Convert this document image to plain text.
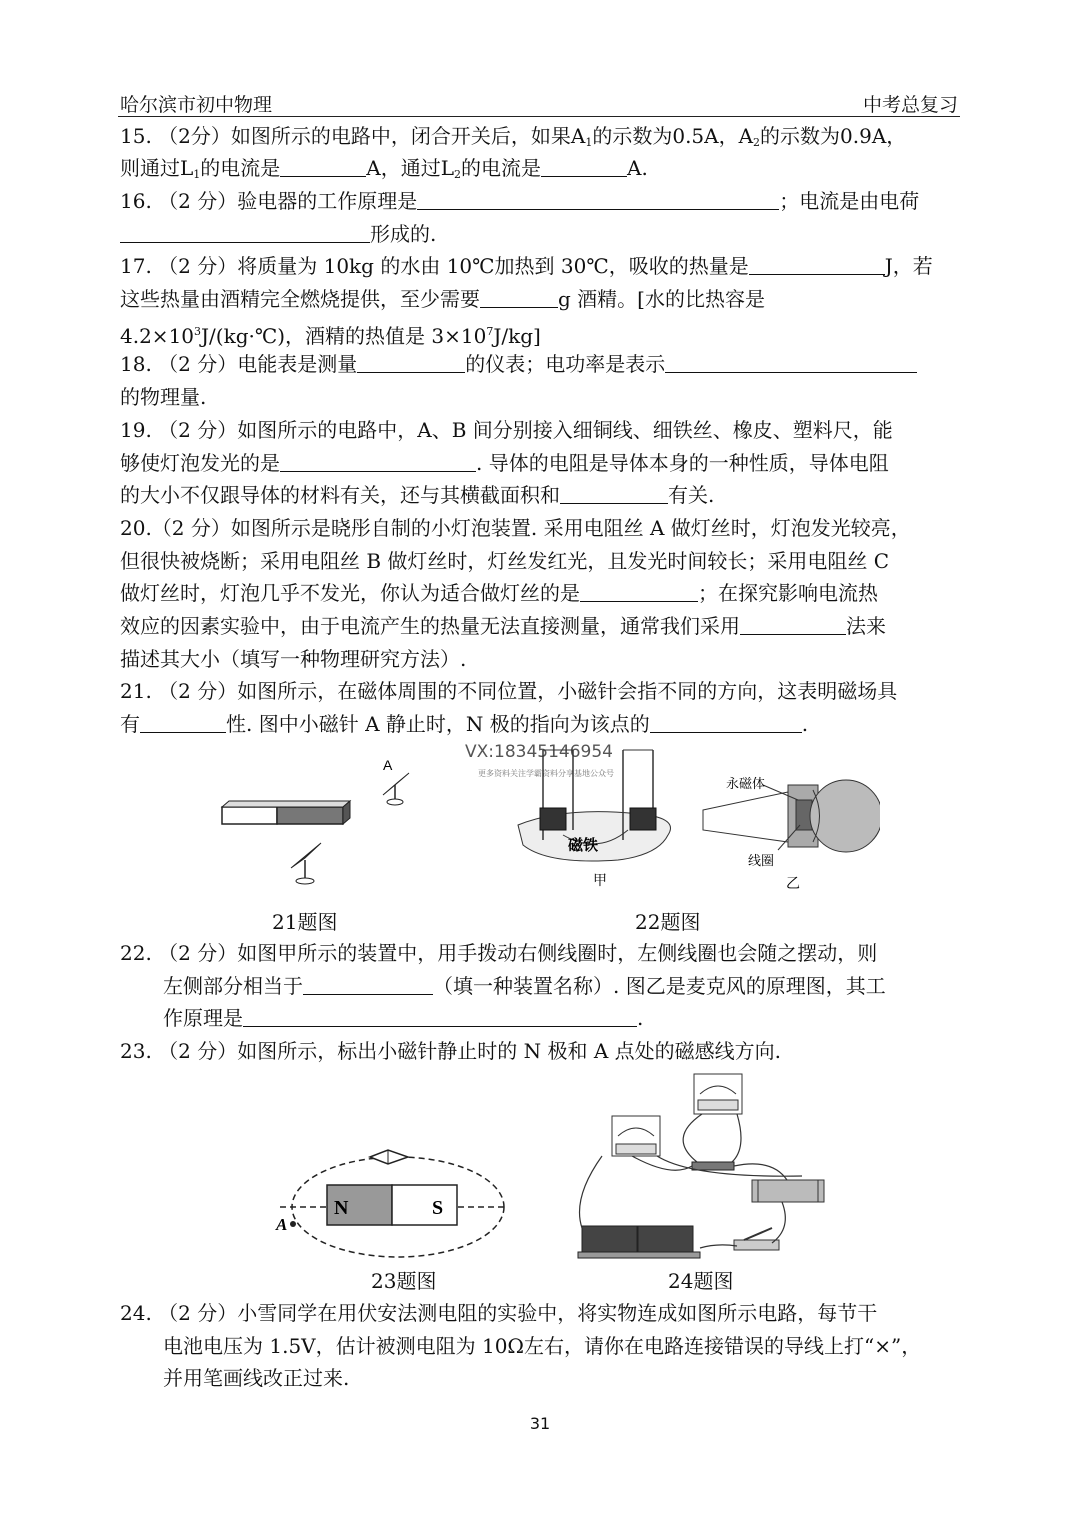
哈尔滨市初中物理	中考总复习
15. （2分）如图所示的电路中，闭合开关后，如果$A_1$的示数为0.5A，$A_2$的示数为0.9A，
则通过$L_1$的电流是	A，通过$L_2$的电流是	A.
16. （2 分）验电器的工作原理是	；电流是由电荷
形成的.
17. （2 分）将质量为 10kg 的水由 10℃加热到 30℃，吸收的热量是	J，若
这些热量由酒精完全燃烧提供，至少需要	g 酒精。[水的比热容是
$4.2\times 10^3J/(kg\cdot℃)$，酒精的热值是 $3\times 10^7J/kg$]
18. （2 分）电能表是测量	的仪表；电功率是表示
的物理量.
19. （2 分）如图所示的电路中，A、B 间分别接入细铜线、细铁丝、橡皮、塑料尺，能
够使灯泡发光的是	. 导体的电阻是导体本身的一种性质，导体电阻
的大小不仅跟导体的材料有关，还与其横截面积和	有关.
20.（2 分）如图所示是晓彤自制的小灯泡装置. 采用电阻丝 A 做灯丝时，灯泡发光较亮，
但很快被烧断；采用电阻丝 B 做灯丝时，灯丝发红光，且发光时间较长；采用电阻丝 C
做灯丝时，灯泡几乎不发光，你认为适合做灯丝的是	；在探究影响电流热
效应的因素实验中，由于电流产生的热量无法直接测量，通常我们采用	法来
描述其大小（填写一种物理研究方法）.
21. （2 分）如图所示，在磁体周围的不同位置，小磁针会指不同的方向，这表明磁场具
有	性. 图中小磁针 A 静止时，N 极的指向为该点的	.
VX:18345146954
更多资料关注学霸资料分享基地公众号
A
21题图
磁铁
甲
永磁体
线圈
乙
22题图
22. （2 分）如图甲所示的装置中，用手拨动右侧线圈时，左侧线圈也会随之摆动，则
左侧部分相当于	（填一种装置名称）. 图乙是麦克风的原理图，其工
作原理是	.
23. （2 分）如图所示，标出小磁针静止时的 N 极和 A 点处的磁感线方向.
N	S
A
23题图	24题图
24. （2 分）小雪同学在用伏安法测电阻的实验中，将实物连成如图所示电路，每节干
电池电压为 1.5V，估计被测电阻为 10Ω左右，请你在电路连接错误的导线上打“×”，
并用笔画线改正过来.
31
